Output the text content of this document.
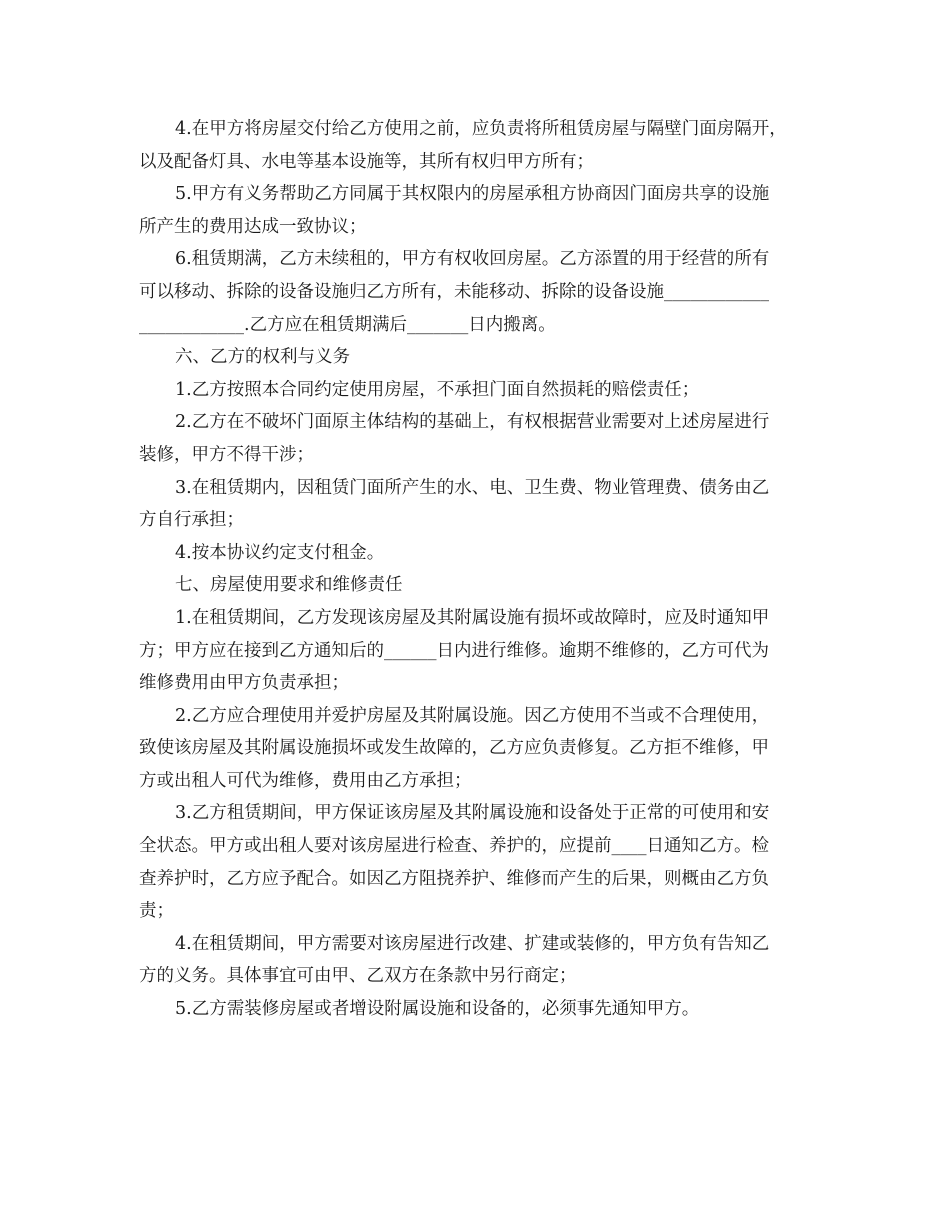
4.在甲方将房屋交付给乙方使用之前，应负责将所租赁房屋与隔壁门面房隔开，
以及配备灯具、水电等基本设施等，其所有权归甲方所有；
5.甲方有义务帮助乙方同属于其权限内的房屋承租方协商因门面房共享的设施
所产生的费用达成一致协议；
6.租赁期满，乙方未续租的，甲方有权收回房屋。乙方添置的用于经营的所有
可以移动、拆除的设备设施归乙方所有，未能移动、拆除的设备设施____________
____________.乙方应在租赁期满后_______日内搬离。
六、乙方的权利与义务
1.乙方按照本合同约定使用房屋，不承担门面自然损耗的赔偿责任；
2.乙方在不破坏门面原主体结构的基础上，有权根据营业需要对上述房屋进行
装修，甲方不得干涉；
3.在租赁期内，因租赁门面所产生的水、电、卫生费、物业管理费、债务由乙
方自行承担；
4.按本协议约定支付租金。
七、房屋使用要求和维修责任
1.在租赁期间，乙方发现该房屋及其附属设施有损坏或故障时，应及时通知甲
方；甲方应在接到乙方通知后的______日内进行维修。逾期不维修的，乙方可代为
维修费用由甲方负责承担；
2.乙方应合理使用并爱护房屋及其附属设施。因乙方使用不当或不合理使用，
致使该房屋及其附属设施损坏或发生故障的，乙方应负责修复。乙方拒不维修，甲
方或出租人可代为维修，费用由乙方承担；
3.乙方租赁期间，甲方保证该房屋及其附属设施和设备处于正常的可使用和安
全状态。甲方或出租人要对该房屋进行检查、养护的，应提前____日通知乙方。检
查养护时，乙方应予配合。如因乙方阻挠养护、维修而产生的后果，则概由乙方负
责；
4.在租赁期间，甲方需要对该房屋进行改建、扩建或装修的，甲方负有告知乙
方的义务。具体事宜可由甲、乙双方在条款中另行商定；
5.乙方需装修房屋或者增设附属设施和设备的，必须事先通知甲方。
